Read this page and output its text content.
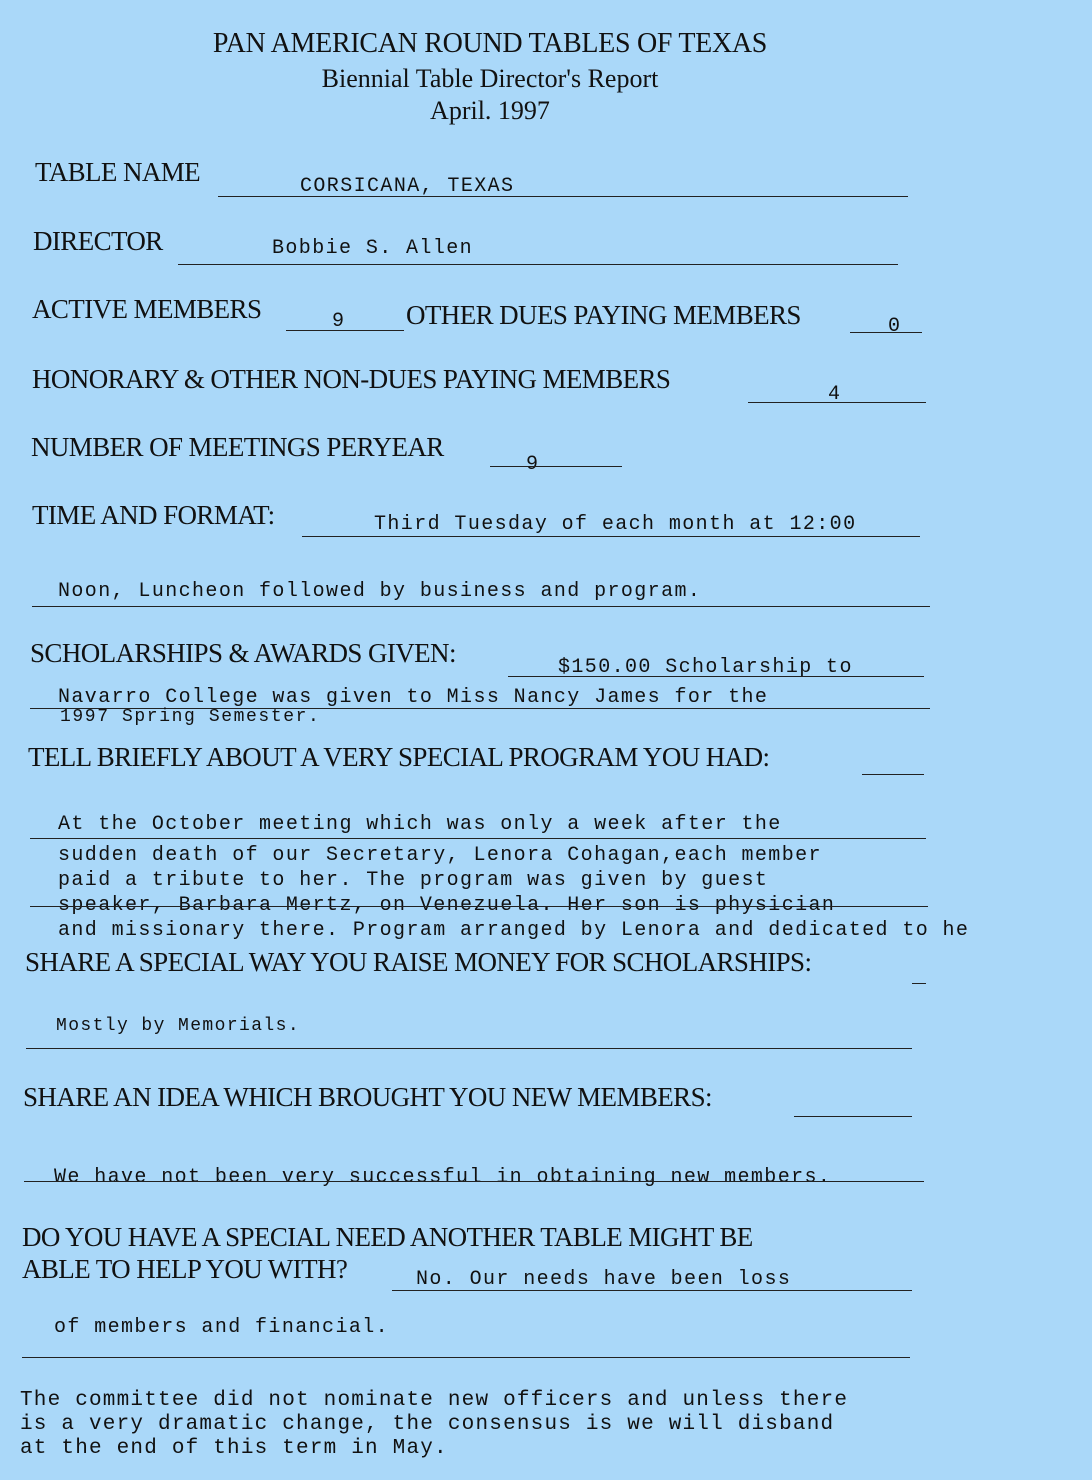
PAN AMERICAN ROUND TABLES OF TEXAS
Biennial Table Director's Report
April. 1997
TABLE NAME	CORSICANA, TEXAS
DIRECTOR	Bobbie S. Allen
ACTIVE MEMBERS	9 OTHER DUES PAYING MEMBERS	0
HONORARY & OTHER NON-DUES PAYING MEMBERS
4
NUMBER OF MEETINGS PERYEAR
9
TIME AND FORMAT:	Third Tuesday of each month at 12:00
Noon, Luncheon followed by business and program.
SCHOLARSHIPS & AWARDS GIVEN:	$150.00 Scholarship to
Navarro College was given to Miss Nancy James for the
1997 Spring Semester.
TELL BRIEFLY ABOUT A VERY SPECIAL PROGRAM YOU HAD:
At the October meeting which was only a week after the
sudden death of our Secretary, Lenora Cohagan,each member
paid a tribute to her. The program was given by guest
speaker, Barbara Mertz, on Venezuela. Her son is physician
and missionary there. Program arranged by Lenora and dedicated to he
SHARE A SPECIAL WAY YOU RAISE MONEY FOR SCHOLARSHIPS:
Mostly by Memorials.
SHARE AN IDEA WHICH BROUGHT YOU NEW MEMBERS:
We have not been very successful in obtaining new members.
DO YOU HAVE A SPECIAL NEED ANOTHER TABLE MIGHT BE
ABLE TO HELP YOU WITH?	No. Our needs have been loss
of members and financial.
The committee did not nominate new officers and unless there
is a very dramatic change, the consensus is we will disband
at the end of this term in May.
